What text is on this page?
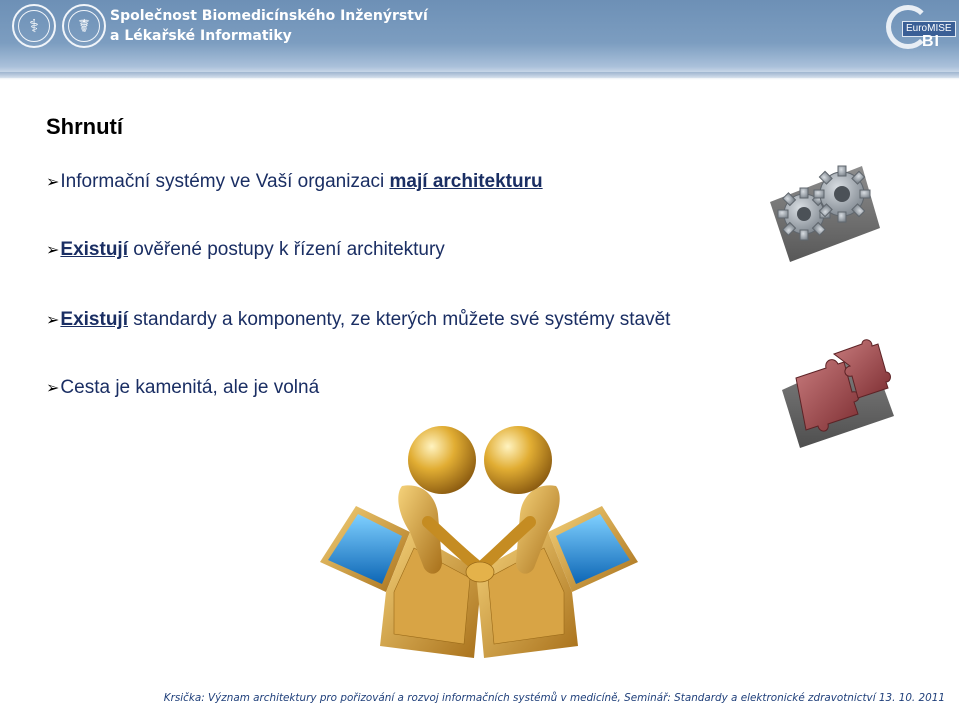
⚕	☤	Společnost Biomedicínského Inženýrství
a Lékařské Informatiky	EuroMISE
BI
Shrnutí
➢Informační systémy ve Vaší organizaci mají architekturu
➢Existují ověřené postupy k řízení architektury
➢Existují standardy a komponenty, ze kterých můžete své systémy stavět
➢Cesta je kamenitá, ale je volná
Krsička: Význam architektury pro pořizování a rozvoj informačních systémů v medicíně, Seminář: Standardy a elektronické zdravotnictví 13. 10. 2011
